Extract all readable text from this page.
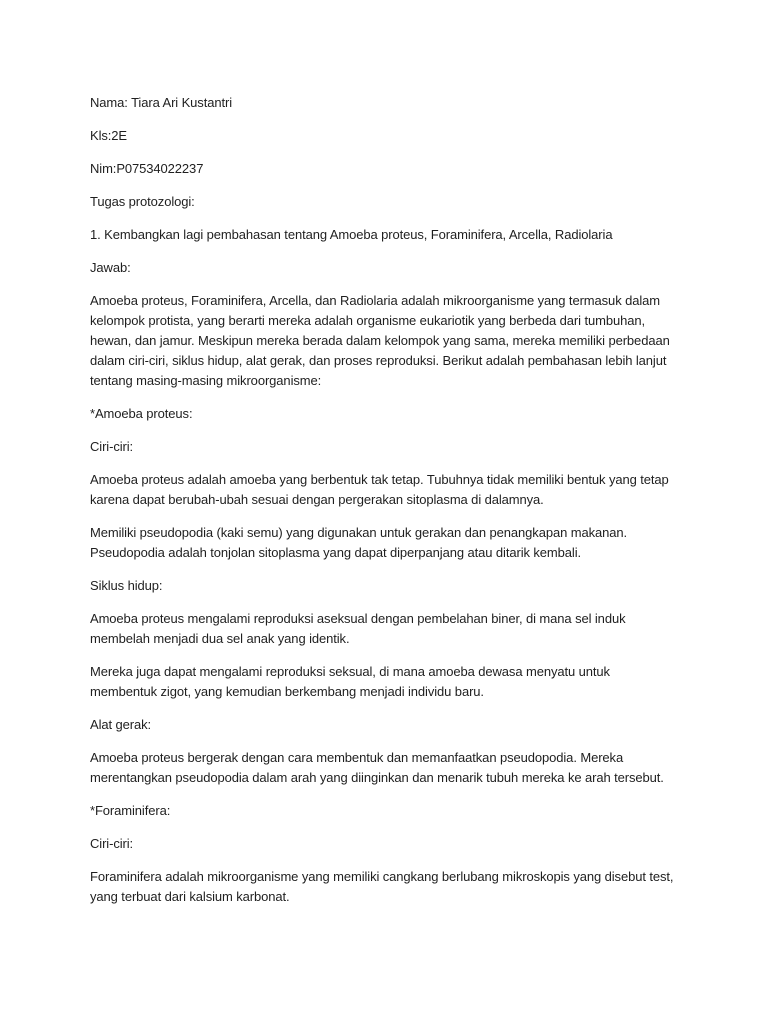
Nama: Tiara Ari Kustantri

Kls:2E

Nim:P07534022237

Tugas protozologi:

1. Kembangkan lagi pembahasan tentang Amoeba proteus, Foraminifera, Arcella, Radiolaria

Jawab:

Amoeba proteus, Foraminifera, Arcella, dan Radiolaria adalah mikroorganisme yang termasuk dalam kelompok protista, yang berarti mereka adalah organisme eukariotik yang berbeda dari tumbuhan, hewan, dan jamur. Meskipun mereka berada dalam kelompok yang sama, mereka memiliki perbedaan dalam ciri-ciri, siklus hidup, alat gerak, dan proses reproduksi. Berikut adalah pembahasan lebih lanjut tentang masing-masing mikroorganisme:

*Amoeba proteus:

Ciri-ciri:

Amoeba proteus adalah amoeba yang berbentuk tak tetap. Tubuhnya tidak memiliki bentuk yang tetap karena dapat berubah-ubah sesuai dengan pergerakan sitoplasma di dalamnya.

Memiliki pseudopodia (kaki semu) yang digunakan untuk gerakan dan penangkapan makanan. Pseudopodia adalah tonjolan sitoplasma yang dapat diperpanjang atau ditarik kembali.

Siklus hidup:

Amoeba proteus mengalami reproduksi aseksual dengan pembelahan biner, di mana sel induk membelah menjadi dua sel anak yang identik.

Mereka juga dapat mengalami reproduksi seksual, di mana amoeba dewasa menyatu untuk membentuk zigot, yang kemudian berkembang menjadi individu baru.

Alat gerak:

Amoeba proteus bergerak dengan cara membentuk dan memanfaatkan pseudopodia. Mereka merentangkan pseudopodia dalam arah yang diinginkan dan menarik tubuh mereka ke arah tersebut.

*Foraminifera:

Ciri-ciri:

Foraminifera adalah mikroorganisme yang memiliki cangkang berlubang mikroskopis yang disebut test, yang terbuat dari kalsium karbonat.
